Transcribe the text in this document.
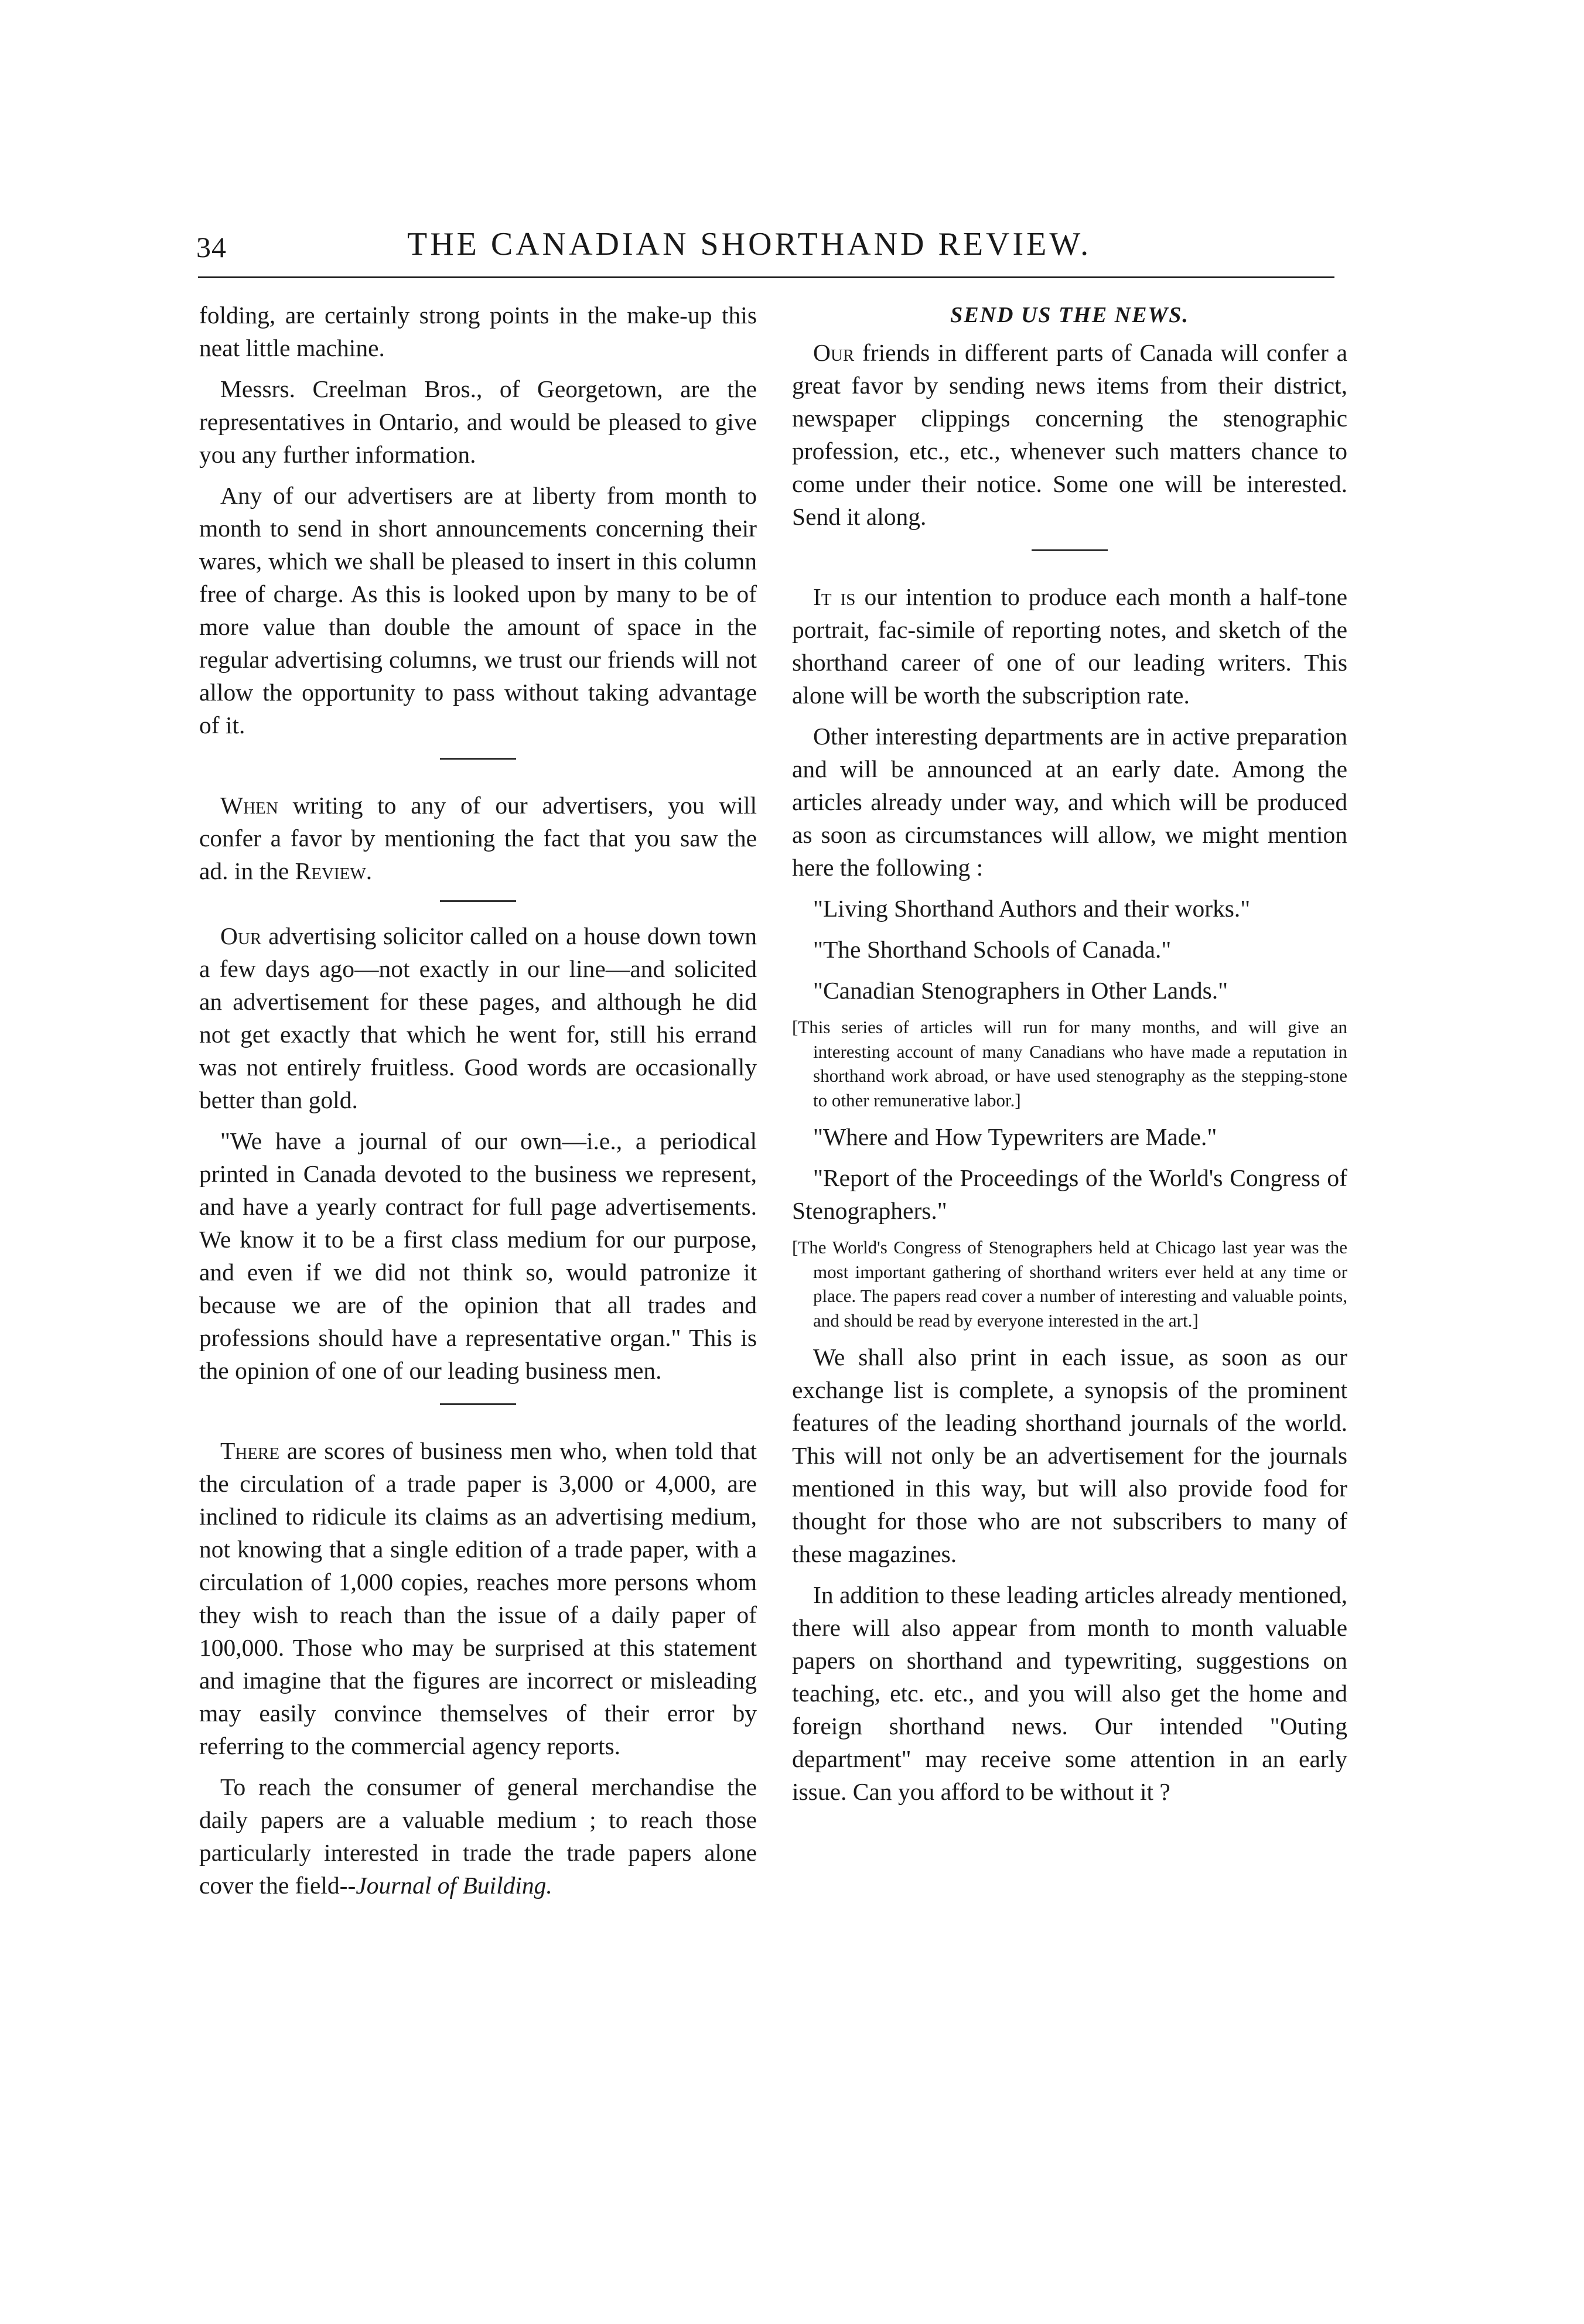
34	THE CANADIAN SHORTHAND REVIEW.

folding, are certainly strong points in the make-up this neat little machine.

Messrs. Creelman Bros., of Georgetown, are the representatives in Ontario, and would be pleased to give you any further information.

Any of our advertisers are at liberty from month to month to send in short announcements concerning their wares, which we shall be pleased to insert in this column free of charge. As this is looked upon by many to be of more value than double the amount of space in the regular advertising columns, we trust our friends will not allow the opportunity to pass without taking advantage of it.

When writing to any of our advertisers, you will confer a favor by mentioning the fact that you saw the ad. in the Review.

Our advertising solicitor called on a house down town a few days ago—not exactly in our line—and solicited an advertisement for these pages, and although he did not get exactly that which he went for, still his errand was not entirely fruitless. Good words are occasionally better than gold.

"We have a journal of our own—i.e., a periodical printed in Canada devoted to the business we represent, and have a yearly contract for full page advertisements. We know it to be a first class medium for our purpose, and even if we did not think so, would patronize it because we are of the opinion that all trades and professions should have a representative organ." This is the opinion of one of our leading business men.

There are scores of business men who, when told that the circulation of a trade paper is 3,000 or 4,000, are inclined to ridicule its claims as an advertising medium, not knowing that a single edition of a trade paper, with a circulation of 1,000 copies, reaches more persons whom they wish to reach than the issue of a daily paper of 100,000. Those who may be surprised at this statement and imagine that the figures are incorrect or misleading may easily convince themselves of their error by referring to the commercial agency reports.

To reach the consumer of general merchandise the daily papers are a valuable medium ; to reach those particularly interested in trade the trade papers alone cover the field--Journal of Building.

SEND US THE NEWS.

Our friends in different parts of Canada will confer a great favor by sending news items from their district, newspaper clippings concerning the stenographic profession, etc., etc., whenever such matters chance to come under their notice. Some one will be interested. Send it along.

It is our intention to produce each month a half-tone portrait, fac-simile of reporting notes, and sketch of the shorthand career of one of our leading writers. This alone will be worth the subscription rate.

Other interesting departments are in active preparation and will be announced at an early date. Among the articles already under way, and which will be produced as soon as circumstances will allow, we might mention here the following :

"Living Shorthand Authors and their works."

"The Shorthand Schools of Canada."

"Canadian Stenographers in Other Lands."

[This series of articles will run for many months, and will give an interesting account of many Canadians who have made a reputation in shorthand work abroad, or have used stenography as the stepping-stone to other remunerative labor.]

"Where and How Typewriters are Made."

"Report of the Proceedings of the World's Congress of Stenographers."

[The World's Congress of Stenographers held at Chicago last year was the most important gathering of shorthand writers ever held at any time or place. The papers read cover a number of interesting and valuable points, and should be read by everyone interested in the art.]

We shall also print in each issue, as soon as our exchange list is complete, a synopsis of the prominent features of the leading shorthand journals of the world. This will not only be an advertisement for the journals mentioned in this way, but will also provide food for thought for those who are not subscribers to many of these magazines.

In addition to these leading articles already mentioned, there will also appear from month to month valuable papers on shorthand and typewriting, suggestions on teaching, etc. etc., and you will also get the home and foreign shorthand news. Our intended "Outing department" may receive some attention in an early issue. Can you afford to be without it ?
